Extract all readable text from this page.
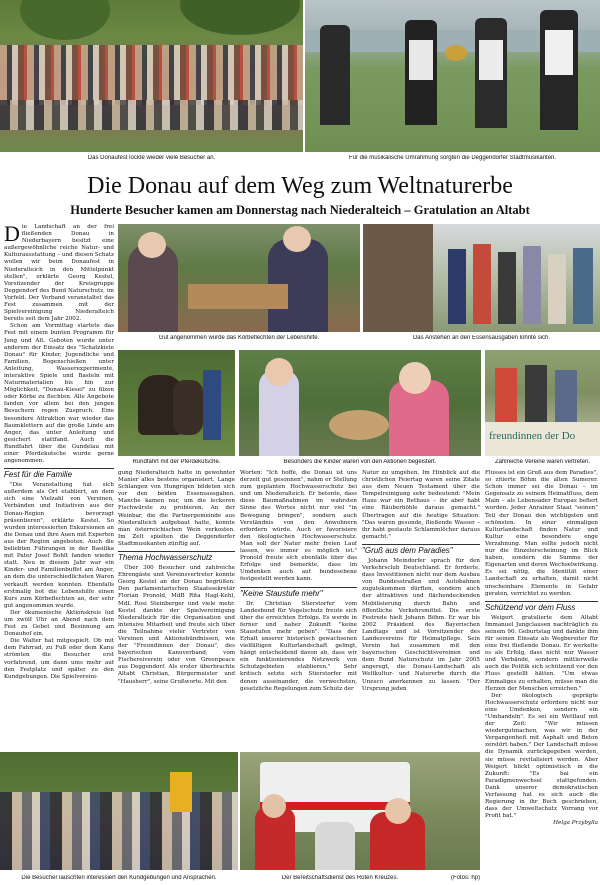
Das Donaufest lockte wieder viele Besucher an.	Für die musikalische Umrahmung sorgten die Deggendorfer Stadtmusikanten.
Die Donau auf dem Weg zum Weltnaturerbe
Hunderte Besucher kamen am Donnerstag nach Niederalteich – Gratulation an Altabt

Die Landschaft an der frei fließenden Donau in Niederbayern besitzt eine außergewöhnliche reiche Natur- und Kulturausstattung – und diesen Schatz wollen wir beim Donaufest in Niederalteich in den Mittelpunkt stellen", erklärte Georg Kestel, Vorsitzender der Kreisgruppe Deggendorf des Bund Naturschutz, im Vorfeld. Der Verband veranstaltet das Fest zusammen mit der Spielvereinigung Niederalteich bereits seit dem Jahr 2002.

Schon am Vormittag startete das Fest mit einem bunten Programm für Jung und Alt. Geboten wurde unter anderem der Einsatz des "Schatzkiste Donau" für Kinder, Jugendliche und Familien, Bogenschießen unter Anleitung, Wasserexperimente, interaktive Spiele und Basteln mit Naturmaterialien bis hin zur Möglichkeit, "Donau-Kiesel" zu filzen oder Körbe zu flechten. Alle Angebote fanden vor allem bei den jungen Besuchern regen Zuspruch. Eine besondere Attraktion war wieder das Baumklettern auf die große Linde am Anger, das unter Anleitung und gesichert stattfand. Auch die Rundfahrt über die Gundelau mit einer Pferdekutsche wurde gerne angenommen.

Fest für die Familie

"Die Veranstaltung hat sich außerdem als Ort etabliert, an dem sich eine Vielzahl von Vereinen, Verbänden und Initiativen aus der Donau-Region bevorzugt präsentieren", erklärte Kestel. So wurden interessierten Exkursionen an die Donau und ihre Auen mit Experten aus der Region angeboten. Auch die beliebten Führungen in der Basilika mit Pater Josef Bohlt fanden wieder statt. Neu in diesem Jahr war ein Kinder- und Familienbuffet am Anger, an dem die unterschiedlichsten Waren verkauft werden konnten. Ebenfalls erstmalig bot die Lebenshilfe einen Kurs zum Körbeflechten an, der sehr gut angenommen wurde.

Der ökumenische Aktionskreis lud um zwölf Uhr an Abend nach dem Fest zu Gebet und Besinnung am Donauhof ein.

Die Walter hat mitgespielt. Ob mit dem Fahrrad, zu Fuß oder dem Kanu strömten die Besucher erst vorfahrend, um dann ums mehr auf den Festplatz und später zu den Kundgebungen. Die Spielvereini-

Gut angenommen wurde das Körbeflechten der Lebenshilfe.	Das Anstehen an den Essensausgaben lohnte sich.
Rundfahrt mit der Pferdekutsche.	Besonders die Kinder waren von den Aktionen begeistert.
freundinnen der Do
Zahlreiche Vereine waren vertreten.

gung Niederalteich hatte in gewohnter Manier alles bestens organisiert. Lange Schlangen von Hungrigen bildeten sich vor den beiden Essensausgaben. Manche kamen nur, um die leckeren Fischwürste zu probieren. An der Weinbar, die die Partnergemeinde aus Niederalteich aufgebaut hatte, konnte man österreichischen Wein verkosten. Im Zelt spielten die Deggendorfer Stadtmusikanten zünftig auf.

Thema Hochwasserschutz

Über 300 Besucher und zahlreiche Ehrengäste und Vereinsvertreter konnte Georg Kestel an der Donau begrüßen: Den parlamentarischen Staatssekretär Florian Pronold, MdB Rita Hagl-Kehl, MdL Rosi Steinberger und viele mehr. Kestel dankte der Spielvereinigung Niederalteich für die Organisation und intensive Mitarbeit und freute sich über die Teilnahme vieler Vertreter von Vereinen und Aktionsbündnissen, wie der "Freundinnen der Donau", des bayerischen Kanuverband, vom Fischereiverein oder von Greenpeace aus Deggendorf. Als erster überbrachte Altabt Christian, Bürgermeister und "Hausherr", seine Grußworte. Mit den

Worten: "Ich hoffe, die Donau ist uns derzeit gut gesonnen", nahm er Stellung zum geplanten Hochwasserschutz bei und um Niederalteich. Er betonte, dass diese Baumaßnahmen im wahrsten Sinne des Wortes nicht nur viel "in Bewegung bringen", sondern auch Verständnis von den Anwohnern erfordern würde. Auch er favorisiere den ökologischen Hochwasserschutz. Man soll der Natur mehr freien Lauf lassen, wo immer es möglich ist." Pronold freute sich ebenfalls über das Erfolge und bemerkte, dass im Umdenken auch auf bundesebene festgestellt werden kann.

"Keine Staustufe mehr"

Dr. Christian Stierstorfer vom Landesbund für Vogelschutz freute sich über die erreichten Erfolge. Es werde in ferner und naher Zukunft "keine Staustufen mehr geben". "Dass der Erhalt unserer historisch gewachsenen vielfältigen Kulturlandschaft gelingt, hängt entscheidend davon ab, dass wir ein funktionierendes Netzwerk von Schutzgebieten etablieren." Sehr kritisch setzte sich Stierstorfer mit denen auseinander, die verwechsten, gesetzliche Regelungen zum Schutz der

Natur zu umgehen. Im Hinblick auf die christlichen Feiertag waren seine Zitate aus dem Neuen Testament über die Tempelreinigung sehr bedeutend: "Mein Haus war ein Bethaus – ihr aber habt eine Räuberhöhle daraus gemacht." Übertragen auf die heutige Situation: "Das waren gesunde, fließende Wasser – ihr habt gestaute Schlammlöcher daraus gemacht."

"Gruß aus dem Paradies"

Johann Meindorfer sprach für den Verkehrsclub Deutschland. Er forderte, dass Investitionen nicht nur dem Ausbau von Bundesstraßen und Autobahnen zugutekommen dürften, sondern auch der attraktiven und flächendeckenden Mobilisierung durch Bahn und öffentliche Verkehrsmittel. Die erste Festrede hielt Johann Böhm. Er war bis 2002 Präsident des Bayerischen Landtags und ist Vorsitzender des Landesvereins für Heimatpflege. Sein Verein hat zusammen mit den bayerischen Geschichtsvereinen und dem Bund Naturschutz im Jahr 2005 angeregt, die Donau-Landschaft als Weltkultur- und Naturerbe durch die Unesco anerkennen zu lassen. "Der Ursprung jeden

Flusses ist ein Gruß aus dem Paradies", so zitierte Böhm die alten Sumerer. Schon immer sei die Donau – im Gegensatz zu seinem Heimatfluss, dem Main – als Lebensader Europas befiert worden. Jeder Anrainer Staat "seinen" Teil der Donau den wichtigsten und schönsten. In einer einmaligen Kulturlandschaft finden Natur und Kultur eine besondere enge Verzahnung. Man sollte jedoch nicht nur die Einzelerscheinung im Blick haben, sondern die Summe der Eigenarten und deren Wechselwirkung. Es sei nötig, die Identität einer Landschaft zu erhalten, damit nicht unscheinbare Elemente in Gefahr geraten, verrichtet zu werden.

Schützend vor dem Fluss

Weigert gratulierte dem Altabt Immanuel Jungclausen nachträglich zu seinem 90. Geburtstag und dankte ihm für seinen Einsatz als Wegbereiter für eine frei fließende Donau. Er werkelte es als Erfolg, dass nicht nur Wasser und Verbände, sondern mittlerweile auch die Politik sich schützend vor den Fluss gestellt hätten. "Um etwas Einmaliges zu erhalten, müsse man die Herzen der Menschen erreichen."

Der ökologisch geprägte Hochwasserschutz erfordere nicht nur eine Umdenken, sondern ein "Umhandeln". Es sei ein Wettlauf mit der Zeit: "Wir müssen wiedergutmachen, was wir in der Vergangenheit mit Asphalt und Beton zerstört haben." Der Landschaft müsse die Dynamik zurückgegeben werden, sie müsse revitalisiert werden. Aber Weigert blickt optimistisch in die Zukunft: "Es bai ein Paradigmenwechsel stattgefunden. Dank unserer demokratischen Verfassung hat es sich auch die Regierung in ihr Buch geschrieben, dass der Umweltschutz Vorrang vor Profit hat."

Helga Przybylla

Die Besucher lauschten interessiert den Kundgebungen und Ansprachen.	Der Bereitschaftsdienst des Roten Kreuzes.	(Fotos: hp)
